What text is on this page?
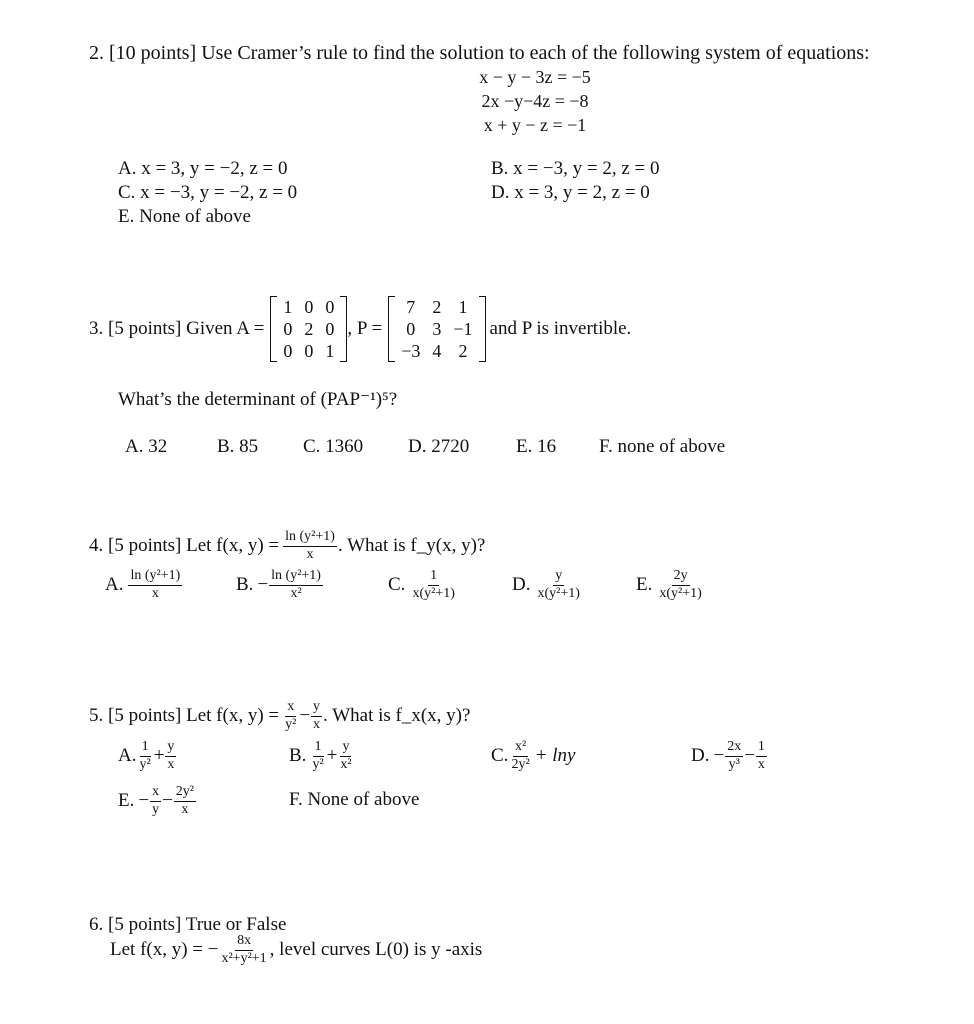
2. [10 points] Use Cramer’s rule to find the solution to each of the following system of equations:
x − y − 3z = −5
2x −y−4z = −8
x + y − z = −1
A. x = 3, y = −2, z = 0	B. x = −3, y = 2, z = 0
C. x = −3, y = −2, z = 0	D. x = 3, y = 2, z = 0
E. None of above
3. [5 points] Given A =
1	0	0
0	2	0
0	0	1
, P =
7	2	1
0	3	−1
−3	4	2
and P is invertible.
What’s the determinant of (PAP⁻¹)⁵?
A. 32	B. 85 C. 1360 D. 2720 E. 16 F. none of above
4. [5 points] Let f(x, $y) = \frac{\text{ln (y²+1)}}{x}$ . What is f_y(x, y)?
A. $\frac{\text{ln (y²+1)}}{x}$	B. − $\frac{\text{ln (y²+1)}}{\text{x²}}$	C. $\frac{1}{\text{x(y²+1)}}$	D. $\frac{y}{\text{x(y²+1)}}$	E. $\frac{2y}{\text{x(y²+1)}}$
5. [5 points] Let f(x, $y) = \frac{x}{\text{y²}} - \frac{y}{x}$ . What is f_x(x, y)?
A. $\frac{1}{\text{y²}} + \frac{y}{x}$	B. $\frac{1}{\text{y²}} + \frac{y}{\text{x²}}$	C. $\frac{\text{x²}}{\text{2y²}} + \ln y$	D. − $\frac{2x}{\text{y³}} - \frac{1}{x}$
E. − $\frac{x}{y} - \frac{\text{2y²}}{x}$	F. None of above
6. [5 points] True or False
Let f(x, y) = − $\frac{8x}{\text{x²+y²+1}}$ , level curves L(0) is y -axis
